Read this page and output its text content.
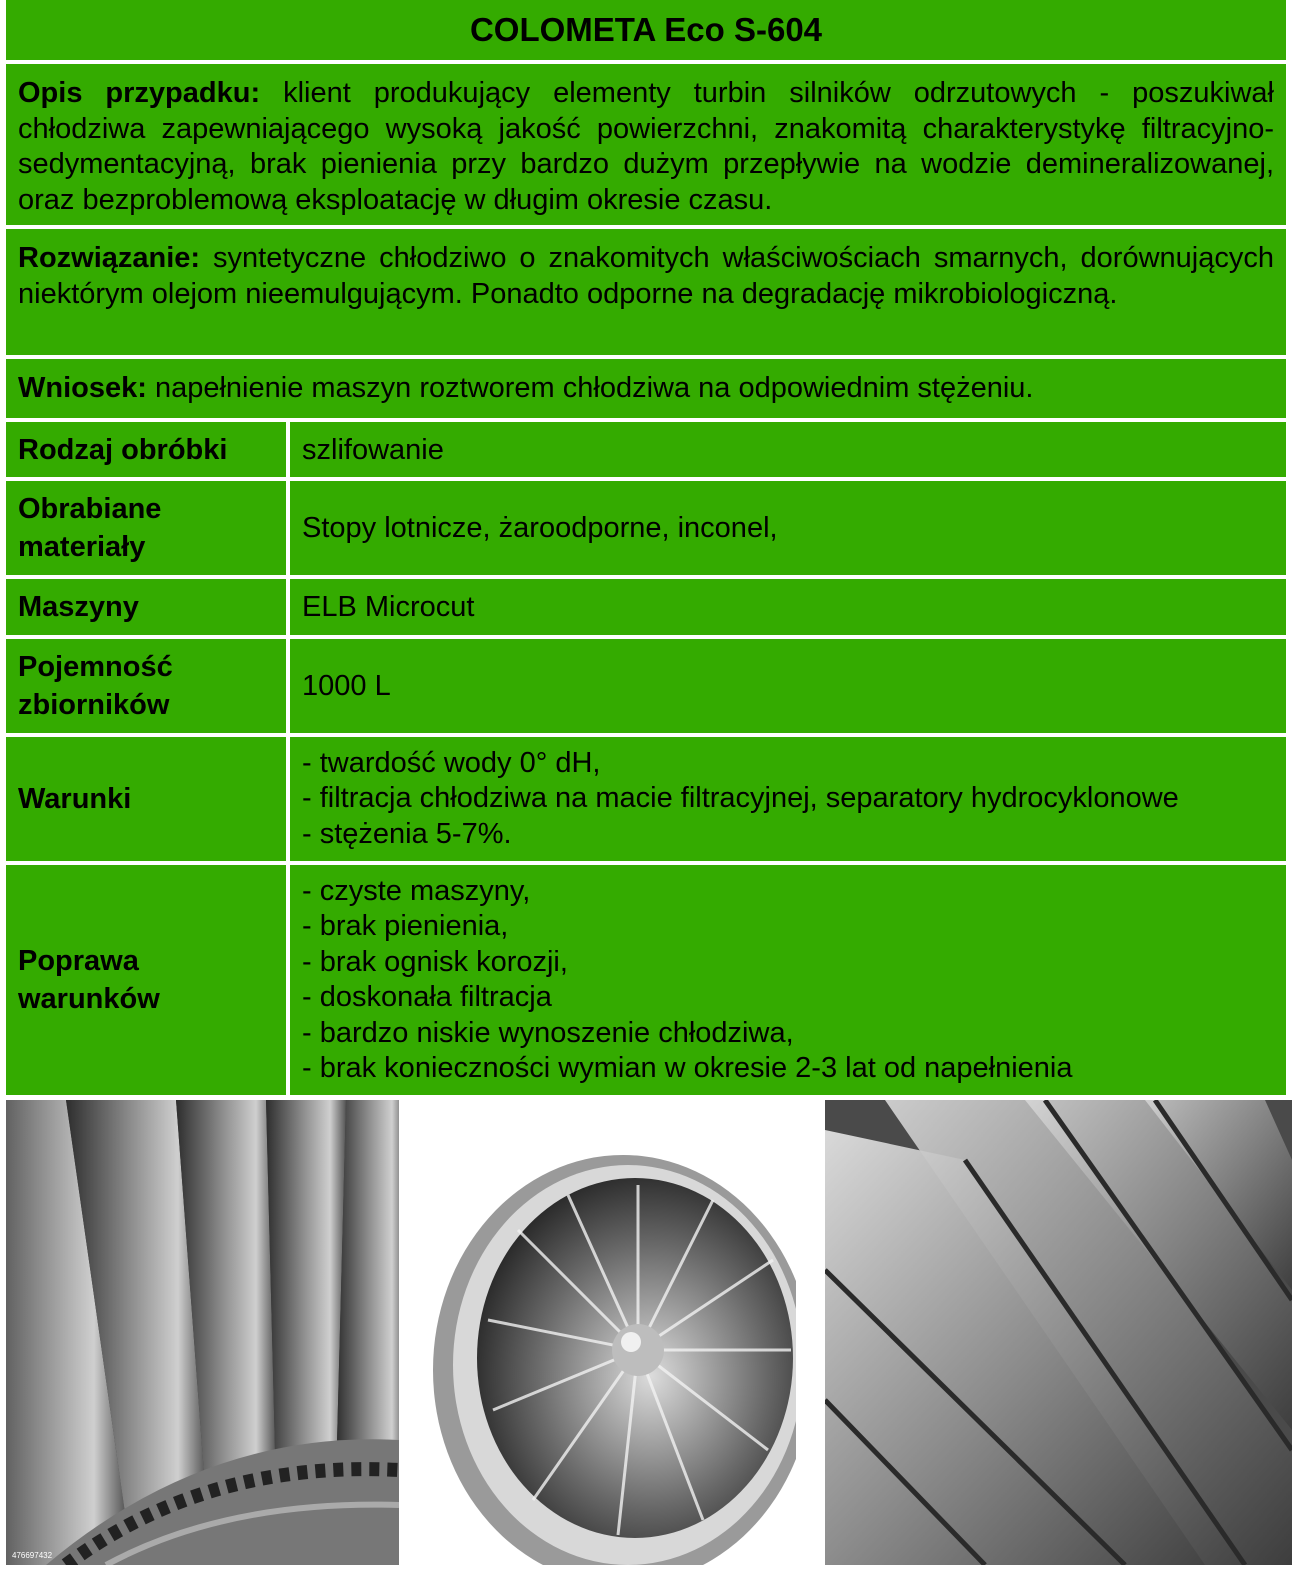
COLOMETA Eco S-604
Opis przypadku: klient produkujący elementy turbin silników odrzutowych - poszukiwał chłodziwa zapewniającego wysoką jakość powierzchni, znakomitą charakterystykę filtracyjno-sedymentacyjną, brak pienienia przy bardzo dużym przepływie na wodzie demineralizowanej, oraz bezproblemową eksploatację w długim okresie czasu.
Rozwiązanie: syntetyczne chłodziwo o znakomitych właściwościach smarnych, dorównujących niektórym olejom nieemulgującym. Ponadto odporne na degradację mikrobiologiczną.
Wniosek: napełnienie maszyn roztworem chłodziwa na odpowiednim stężeniu.
Rodzaj obróbki	szlifowanie
Obrabiane materiały
Stopy lotnicze, żaroodporne, inconel,
Maszyny	ELB Microcut
Pojemność zbiorników
1000 L
Warunki
- twardość wody 0° dH,
- filtracja chłodziwa na macie filtracyjnej, separatory hydrocyklonowe
- stężenia 5-7%.
Poprawa warunków
- czyste maszyny,
- brak pienienia,
- brak ognisk korozji,
- doskonała filtracja
- bardzo niskie wynoszenie chłodziwa,
- brak konieczności wymian w okresie 2-3 lat od napełnienia
476697432
